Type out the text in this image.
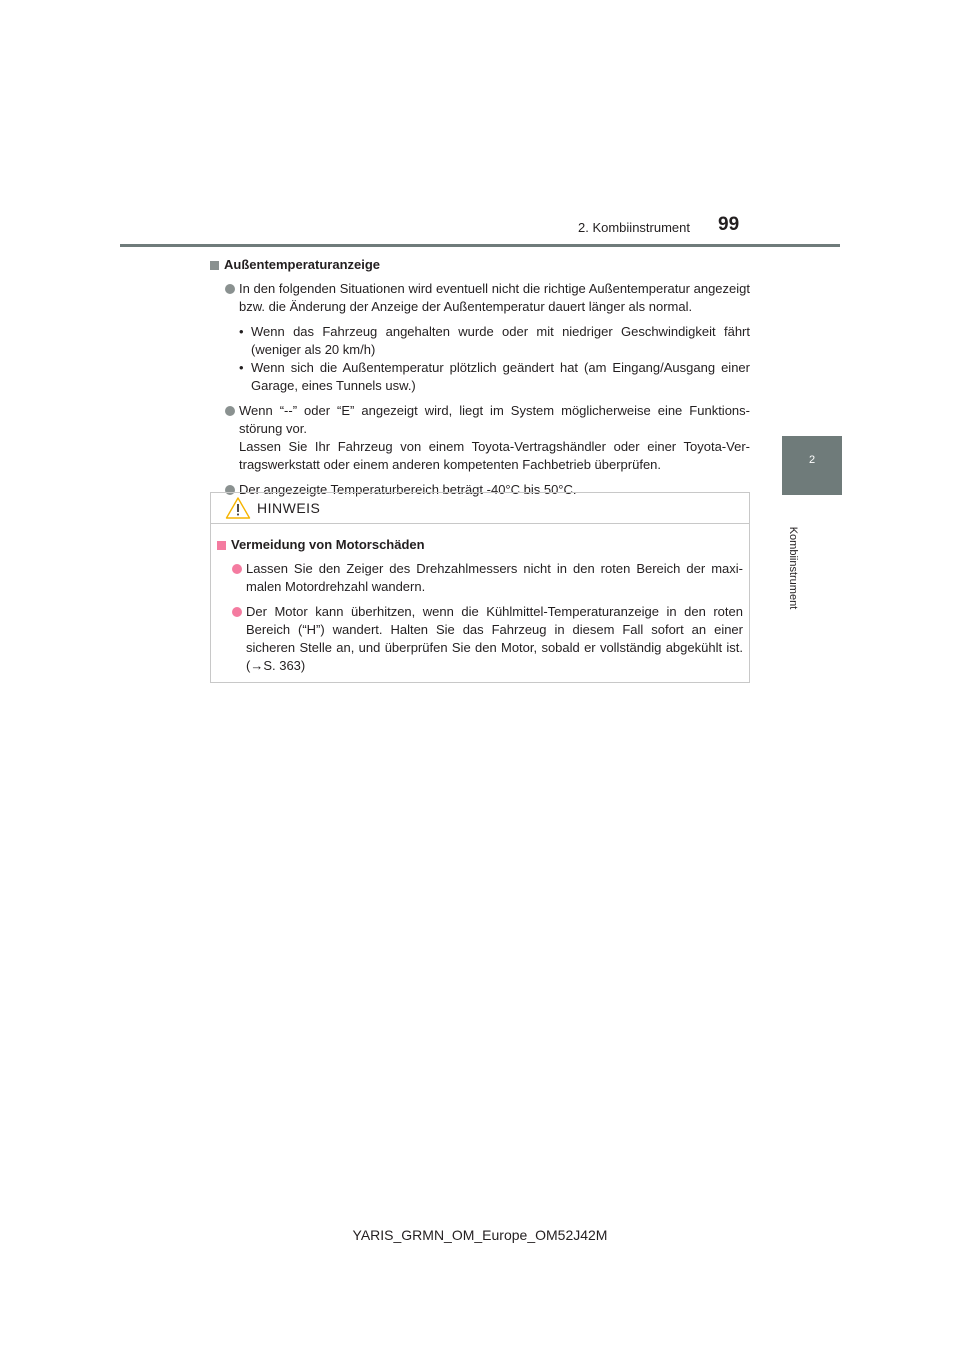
2. Kombiinstrument 99
2
Kombiinstrument
Außentemperaturanzeige
In den folgenden Situationen wird eventuell nicht die richtige Außentemperatur angezeigt bzw. die Änderung der Anzeige der Außentemperatur dauert länger als normal.
• Wenn das Fahrzeug angehalten wurde oder mit niedriger Geschwindigkeit fährt (weniger als 20 km/h)
• Wenn sich die Außentemperatur plötzlich geändert hat (am Eingang/Ausgang einer Garage, eines Tunnels usw.)
Wenn “--” oder “E” angezeigt wird, liegt im System möglicherweise eine Funktionsstörung vor.
Lassen Sie Ihr Fahrzeug von einem Toyota-Vertragshändler oder einer Toyota-Vertragswerkstatt oder einem anderen kompetenten Fachbetrieb überprüfen.
Der angezeigte Temperaturbereich beträgt -40°C bis 50°C.
HINWEIS
Vermeidung von Motorschäden
Lassen Sie den Zeiger des Drehzahlmessers nicht in den roten Bereich der maximalen Motordrehzahl wandern.
Der Motor kann überhitzen, wenn die Kühlmittel-Temperaturanzeige in den roten Bereich (“H”) wandert. Halten Sie das Fahrzeug in diesem Fall sofort an einer sicheren Stelle an, und überprüfen Sie den Motor, sobald er vollständig abgekühlt ist. (→S. 363)
YARIS_GRMN_OM_Europe_OM52J42M
